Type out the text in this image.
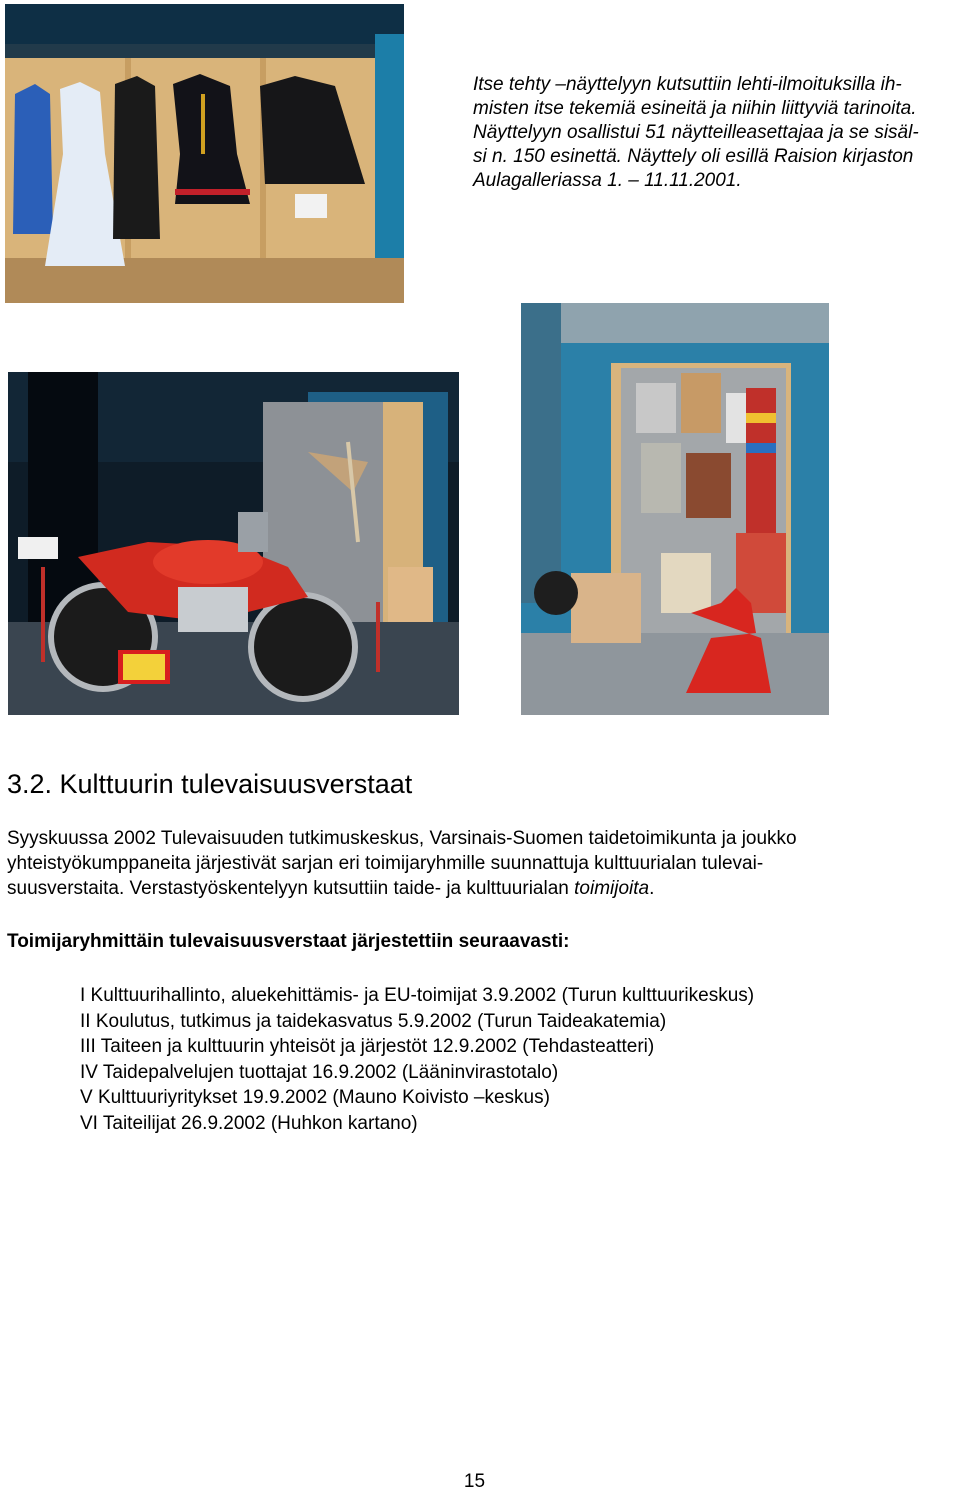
Itse tehty –näyttelyyn kutsuttiin lehti-ilmoituksilla ih-
misten itse tekemiä esineitä ja niihin liittyviä tarinoita.
Näyttelyyn osallistui 51 näytteilleasettajaa ja se sisäl-
si n. 150 esinettä. Näyttely oli esillä Raision kirjaston
Aulagalleriassa 1. – 11.11.2001.
3.2. Kulttuurin tulevaisuusverstaat
Syyskuussa 2002 Tulevaisuuden tutkimuskeskus, Varsinais-Suomen taidetoimikunta ja joukko
yhteistyökumppaneita järjestivät sarjan eri toimijaryhmille suunnattuja kulttuurialan tulevai-
suusverstaita. Verstastyöskentelyyn kutsuttiin taide- ja kulttuurialan toimijoita.
Toimijaryhmittäin tulevaisuusverstaat järjestettiin seuraavasti:
I Kulttuurihallinto, aluekehittämis- ja EU-toimijat 3.9.2002 (Turun kulttuurikeskus)
II Koulutus, tutkimus ja taidekasvatus 5.9.2002 (Turun Taideakatemia)
III Taiteen ja kulttuurin yhteisöt ja järjestöt 12.9.2002 (Tehdasteatteri)
IV Taidepalvelujen tuottajat 16.9.2002 (Lääninvirastotalo)
V Kulttuuriyritykset 19.9.2002 (Mauno Koivisto –keskus)
VI Taiteilijat 26.9.2002 (Huhkon kartano)
15
